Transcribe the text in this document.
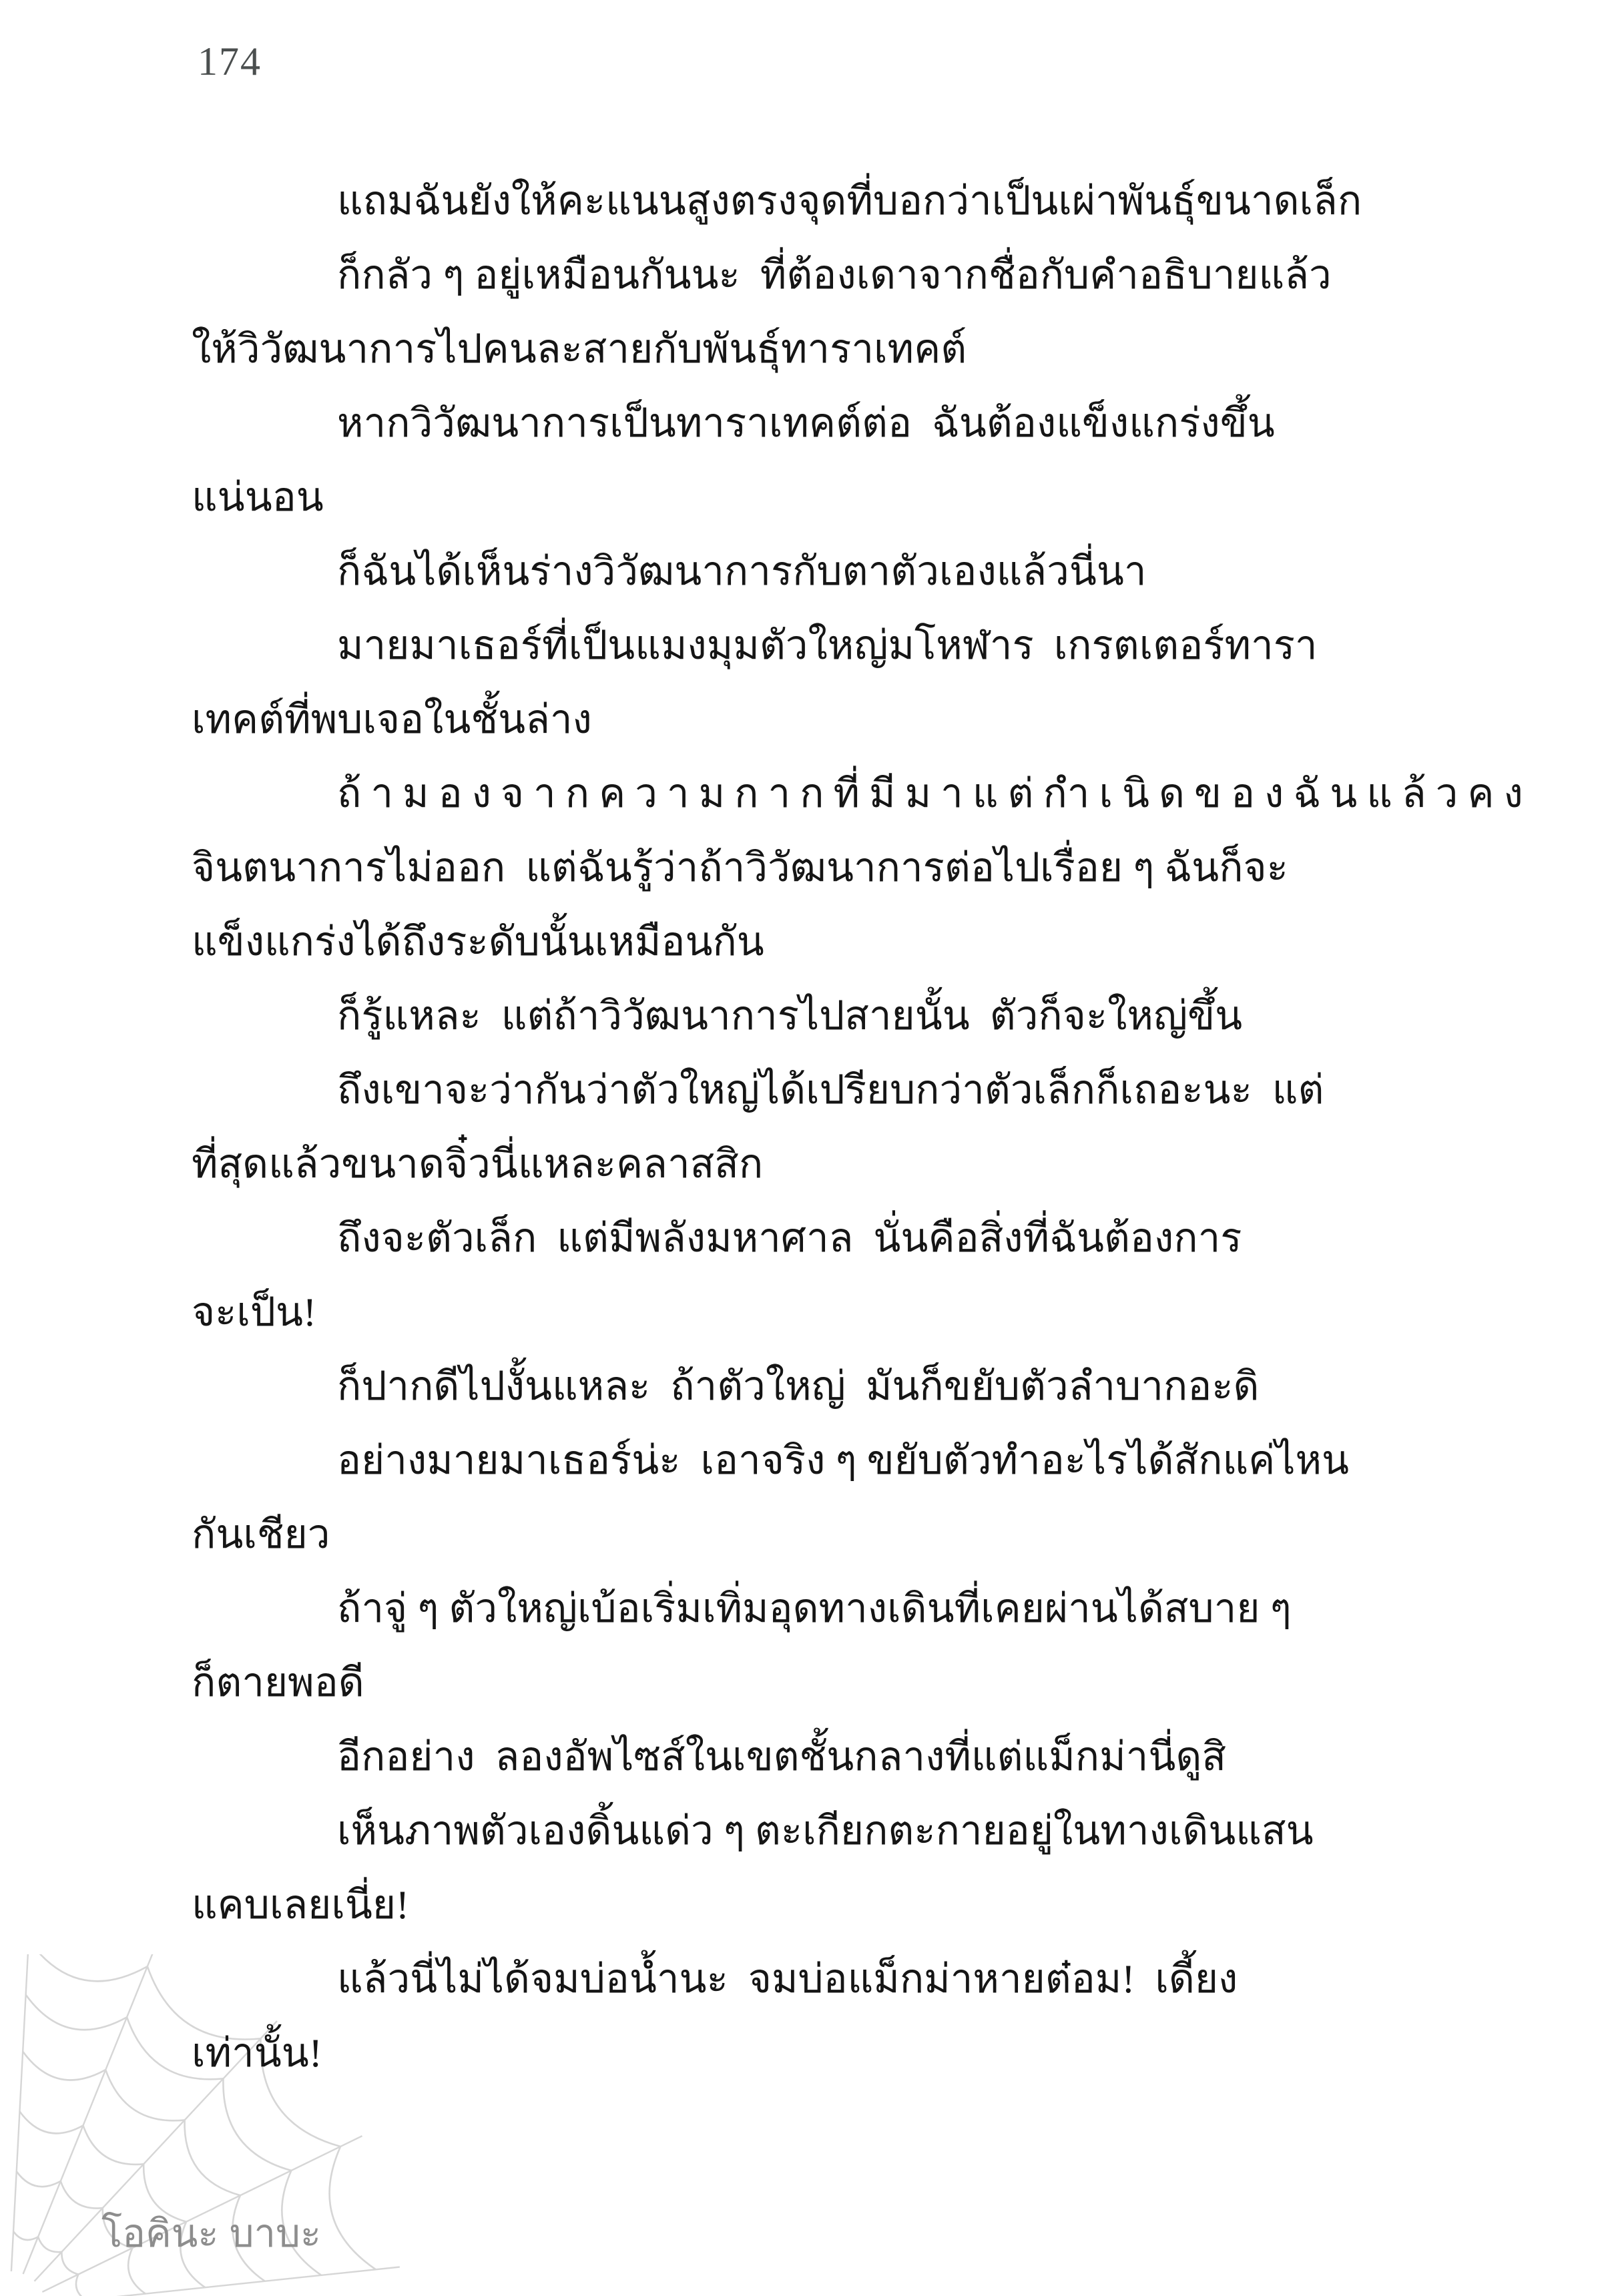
174
แถมฉันยังให้คะแนนสูงตรงจุดที่บอกว่าเป็นเผ่าพันธุ์ขนาดเล็ก
ก็กลัว ๆ อยู่เหมือนกันนะ  ที่ต้องเดาจากชื่อกับคำอธิบายแล้ว
ให้วิวัฒนาการไปคนละสายกับพันธุ์ทาราเทคต์
หากวิวัฒนาการเป็นทาราเทคต์ต่อ  ฉันต้องแข็งแกร่งขึ้น
แน่นอน
ก็ฉันได้เห็นร่างวิวัฒนาการกับตาตัวเองแล้วนี่นา
มายมาเธอร์ที่เป็นแมงมุมตัวใหญ่มโหฬาร  เกรตเตอร์ทารา
เทคต์ที่พบเจอในชั้นล่าง
ถ้ามองจากความกากที่มีมาแต่กำเนิดของฉันแล้วคง
จินตนาการไม่ออก  แต่ฉันรู้ว่าถ้าวิวัฒนาการต่อไปเรื่อย ๆ ฉันก็จะ
แข็งแกร่งได้ถึงระดับนั้นเหมือนกัน
ก็รู้แหละ  แต่ถ้าวิวัฒนาการไปสายนั้น  ตัวก็จะใหญ่ขึ้น
ถึงเขาจะว่ากันว่าตัวใหญ่ได้เปรียบกว่าตัวเล็กก็เถอะนะ  แต่
ที่สุดแล้วขนาดจิ๋วนี่แหละคลาสสิก
ถึงจะตัวเล็ก  แต่มีพลังมหาศาล  นั่นคือสิ่งที่ฉันต้องการ
จะเป็น!
ก็ปากดีไปงั้นแหละ  ถ้าตัวใหญ่  มันก็ขยับตัวลำบากอะดิ
อย่างมายมาเธอร์น่ะ  เอาจริง ๆ ขยับตัวทำอะไรได้สักแค่ไหน
กันเชียว
ถ้าจู่ ๆ ตัวใหญ่เบ้อเริ่มเทิ่มอุดทางเดินที่เคยผ่านได้สบาย ๆ
ก็ตายพอดี
อีกอย่าง  ลองอัพไซส์ในเขตชั้นกลางที่แต่แม็กม่านี่ดูสิ
เห็นภาพตัวเองดิ้นแด่ว ๆ ตะเกียกตะกายอยู่ในทางเดินแสน
แคบเลยเนี่ย!
แล้วนี่ไม่ได้จมบ่อน้ำนะ  จมบ่อแม็กม่าหายต๋อม!  เดี้ยง
เท่านั้น!
โอคินะ บาบะ
